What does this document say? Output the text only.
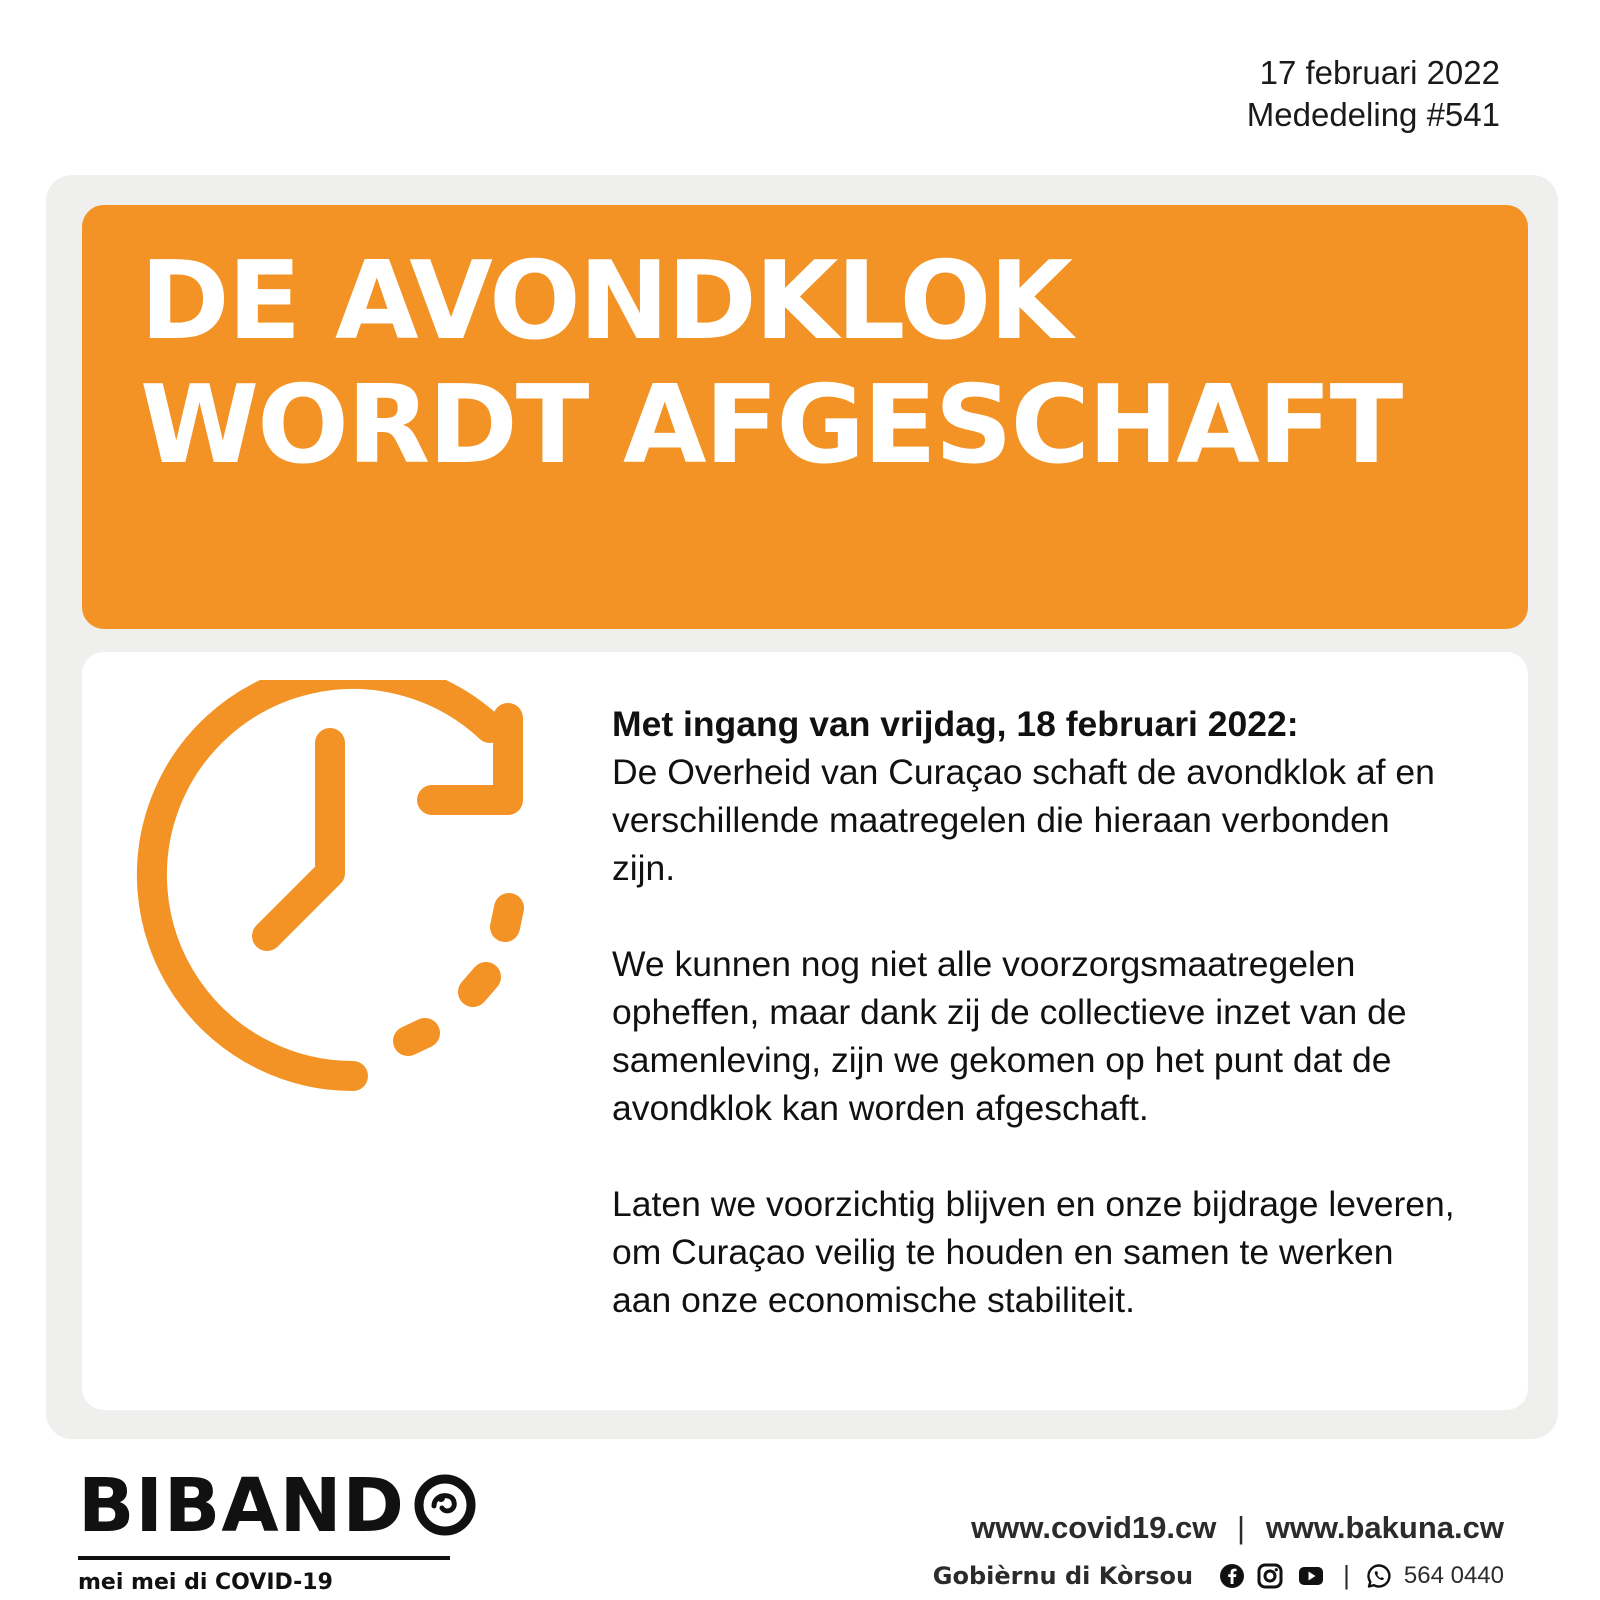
17 februari 2022
Mededeling #541
DE AVONDKLOK
WORDT AFGESCHAFT

Met ingang van vrijdag, 18 februari 2022:
De Overheid van Curaçao schaft de avondklok af en verschillende maatregelen die hieraan verbonden zijn.

We kunnen nog niet alle voorzorgsmaatregelen opheffen, maar dank zij de collectieve inzet van de samenleving, zijn we gekomen op het punt dat de avondklok kan worden afgeschaft.

Laten we voorzichtig blijven en onze bijdrage leveren, om Curaçao veilig te houden en samen te werken aan onze economische stabiliteit.

BIBAND
mei mei di COVID-19
www.covid19.cw | www.bakuna.cw
Gobièrnu di Kòrsou	| 564 0440
